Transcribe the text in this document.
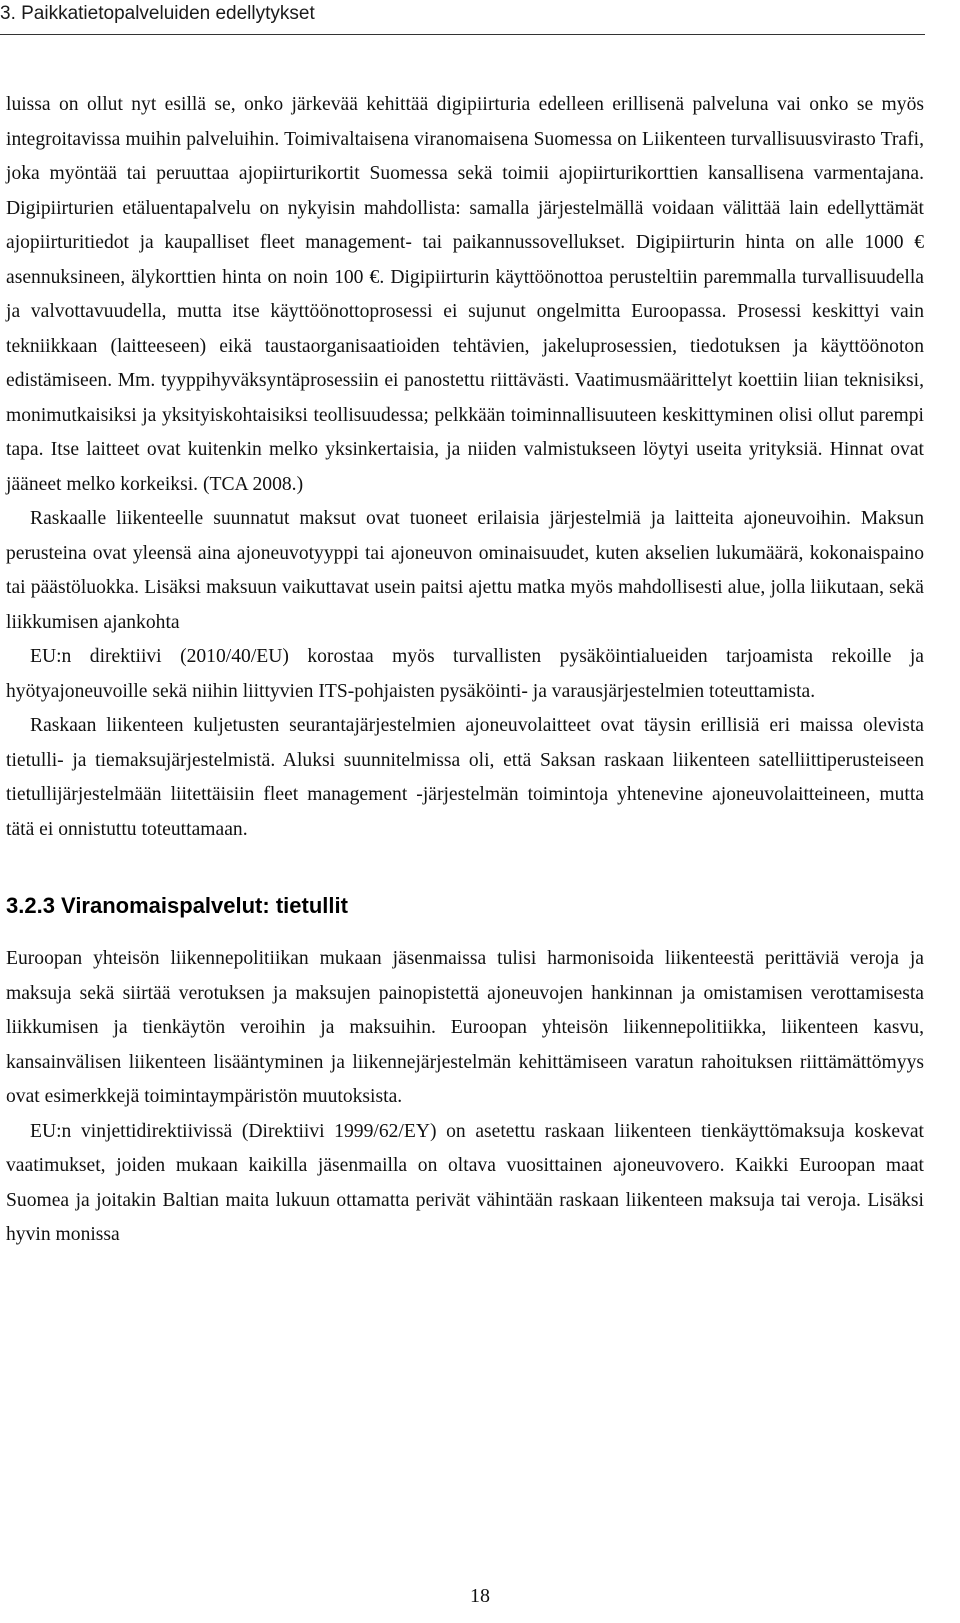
3. Paikkatietopalveluiden edellytykset

luissa on ollut nyt esillä se, onko järkevää kehittää digipiirturia edelleen erillisenä palveluna vai onko se myös integroitavissa muihin palveluihin. Toimivaltaisena viranomaisena Suomessa on Liikenteen turvallisuusvirasto Trafi, joka myöntää tai peruuttaa ajopiirturikortit Suomessa sekä toimii ajopiirturikorttien kansallisena varmentajana. Digipiirturien etäluentapalvelu on nykyisin mahdollista: samalla järjestelmällä voidaan välittää lain edellyttämät ajopiirturitiedot ja kaupalliset fleet management- tai paikannussovellukset. Digipiirturin hinta on alle 1000 € asennuksineen, älykorttien hinta on noin 100 €. Digipiirturin käyttöönottoa perusteltiin paremmalla turvallisuudella ja valvottavuudella, mutta itse käyttöönottoprosessi ei sujunut ongelmitta Euroopassa. Prosessi keskittyi vain tekniikkaan (laitteeseen) eikä taustaorganisaatioiden tehtävien, jakeluprosessien, tiedotuksen ja käyttöönoton edistämiseen. Mm. tyyppihyväksyntäprosessiin ei panostettu riittävästi. Vaatimusmäärittelyt koettiin liian teknisiksi, monimutkaisiksi ja yksityiskohtaisiksi teollisuudessa; pelkkään toiminnallisuuteen keskittyminen olisi ollut parempi tapa. Itse laitteet ovat kuitenkin melko yksinkertaisia, ja niiden valmistukseen löytyi useita yrityksiä. Hinnat ovat jääneet melko korkeiksi. (TCA 2008.)

Raskaalle liikenteelle suunnatut maksut ovat tuoneet erilaisia järjestelmiä ja laitteita ajoneuvoihin. Maksun perusteina ovat yleensä aina ajoneuvotyyppi tai ajoneuvon ominaisuudet, kuten akselien lukumäärä, kokonaispaino tai päästöluokka. Lisäksi maksuun vaikuttavat usein paitsi ajettu matka myös mahdollisesti alue, jolla liikutaan, sekä liikkumisen ajankohta

EU:n direktiivi (2010/40/EU) korostaa myös turvallisten pysäköintialueiden tarjoamista rekoille ja hyötyajoneuvoille sekä niihin liittyvien ITS-pohjaisten pysäköinti- ja varausjärjestelmien toteuttamista.

Raskaan liikenteen kuljetusten seurantajärjestelmien ajoneuvolaitteet ovat täysin erillisiä eri maissa olevista tietulli- ja tiemaksujärjestelmistä. Aluksi suunnitelmissa oli, että Saksan raskaan liikenteen satelliittiperusteiseen tietullijärjestelmään liitettäisiin fleet management -järjestelmän toimintoja yhtenevine ajoneuvolaitteineen, mutta tätä ei onnistuttu toteuttamaan.

3.2.3 Viranomaispalvelut: tietullit

Euroopan yhteisön liikennepolitiikan mukaan jäsenmaissa tulisi harmonisoida liikenteestä perittäviä veroja ja maksuja sekä siirtää verotuksen ja maksujen painopistettä ajoneuvojen hankinnan ja omistamisen verottamisesta liikkumisen ja tienkäytön veroihin ja maksuihin. Euroopan yhteisön liikennepolitiikka, liikenteen kasvu, kansainvälisen liikenteen lisääntyminen ja liikennejärjestelmän kehittämiseen varatun rahoituksen riittämättömyys ovat esimerkkejä toimintaympäristön muutoksista.

EU:n vinjettidirektiivissä (Direktiivi 1999/62/EY) on asetettu raskaan liikenteen tienkäyttömaksuja koskevat vaatimukset, joiden mukaan kaikilla jäsenmailla on oltava vuosittainen ajoneuvovero. Kaikki Euroopan maat Suomea ja joitakin Baltian maita lukuun ottamatta perivät vähintään raskaan liikenteen maksuja tai veroja. Lisäksi hyvin monissa

18
